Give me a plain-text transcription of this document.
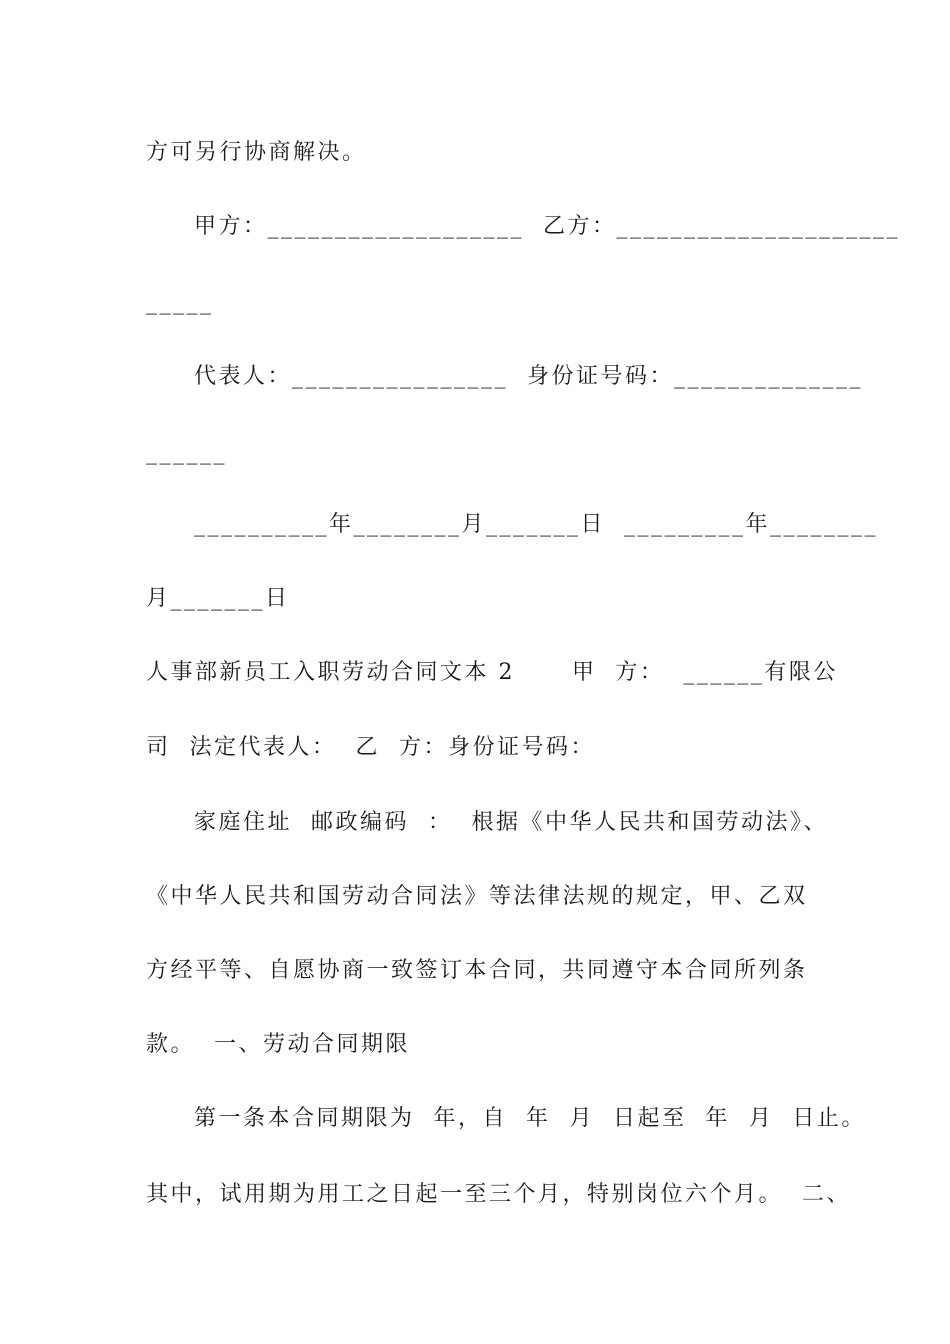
方可另行协商解决。
甲方：___________________  乙方：_____________________
_____
代表人：________________  身份证号码：______________
______
__________年________月_______日  _________年________
月_______日
人事部新员工入职劳动合同文本 2      甲  方：  ______有限公
司  法定代表人：  乙  方：身份证号码：
家庭住址  邮政编码  ：  根据《中华人民共和国劳动法》、
《中华人民共和国劳动合同法》等法律法规的规定，甲、乙双
方经平等、自愿协商一致签订本合同，共同遵守本合同所列条
款。  一、劳动合同期限
第一条本合同期限为  年，自  年  月  日起至  年  月  日止。
其中，试用期为用工之日起一至三个月，特别岗位六个月。  二、
